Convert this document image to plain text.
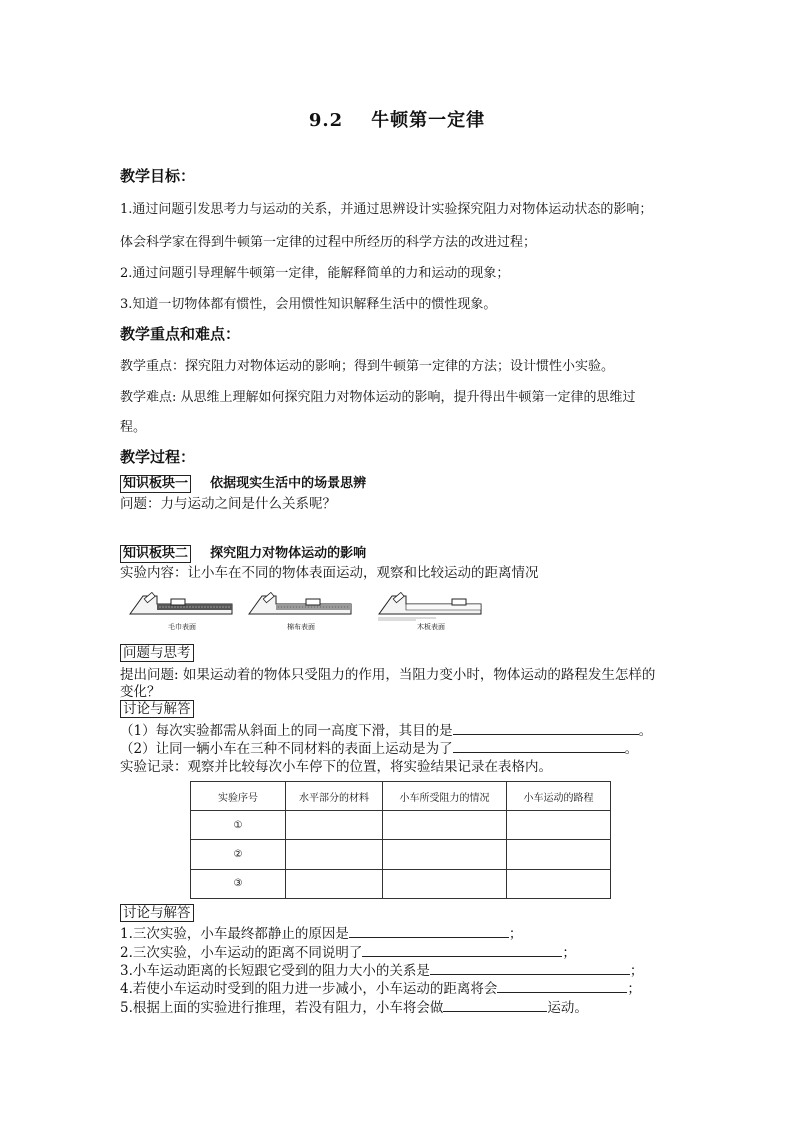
9.2 牛顿第一定律
教学目标：
1.通过问题引发思考力与运动的关系，并通过思辨设计实验探究阻力对物体运动状态的影响；
体会科学家在得到牛顿第一定律的过程中所经历的科学方法的改进过程；
2.通过问题引导理解牛顿第一定律，能解释简单的力和运动的现象；
3.知道一切物体都有惯性，会用惯性知识解释生活中的惯性现象。
教学重点和难点：
教学重点：探究阻力对物体运动的影响；得到牛顿第一定律的方法；设计惯性小实验。
教学难点: 从思维上理解如何探究阻力对物体运动的影响，提升得出牛顿第一定律的思维过
程。
教学过程：
知识板块一 依据现实生活中的场景思辨
问题：力与运动之间是什么关系呢？
知识板块二 探究阻力对物体运动的影响
实验内容：让小车在不同的物体表面运动，观察和比较运动的距离情况
毛巾表面	棉布表面	木板表面
问题与思考
提出问题: 如果运动着的物体只受阻力的作用，当阻力变小时，物体运动的路程发生怎样的
变化？
讨论与解答
（1）每次实验都需从斜面上的同一高度下滑，其目的是	。
（2）让同一辆小车在三种不同材料的表面上运动是为了	。
实验记录：观察并比较每次小车停下的位置，将实验结果记录在表格内。
实验序号	水平部分的材料	小车所受阻力的情况	小车运动的路程
①			
②			
③			
讨论与解答
1.三次实验，小车最终都静止的原因是	；
2.三次实验，小车运动的距离不同说明了	；
3.小车运动距离的长短跟它受到的阻力大小的关系是	；
4.若使小车运动时受到的阻力进一步减小，小车运动的距离将会	；
5.根据上面的实验进行推理，若没有阻力，小车将会做	运动。
